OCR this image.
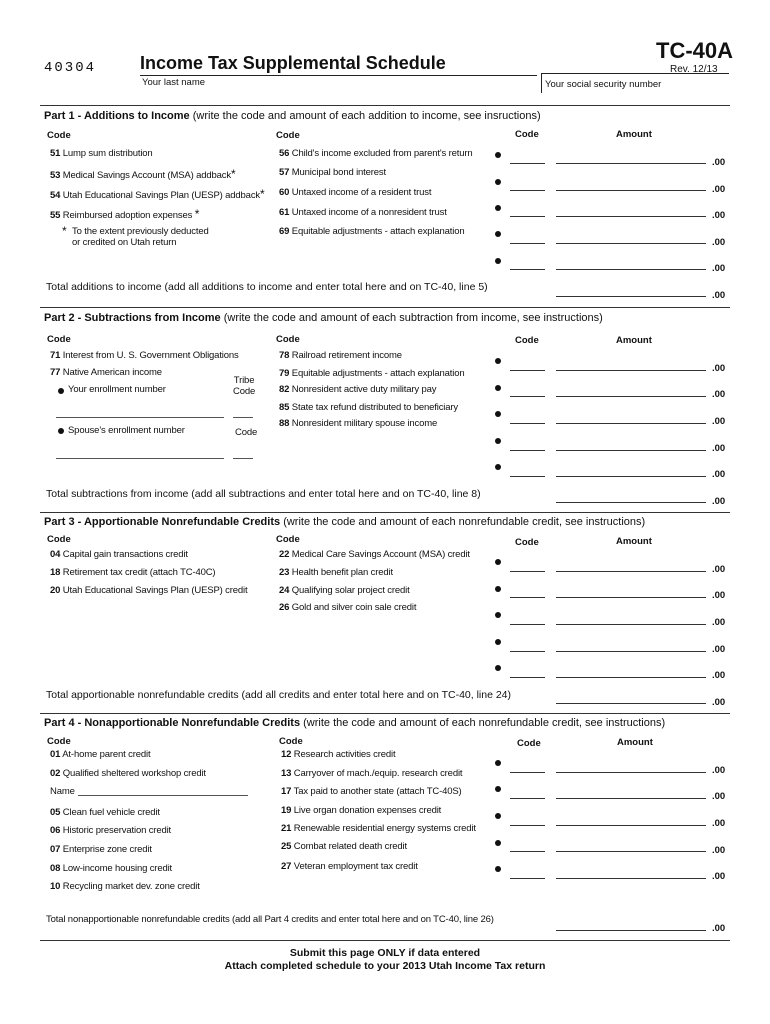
40304 Income Tax Supplemental Schedule	TC-40A
Rev. 12/13
Your last name	Your social security number
Part 1 - Additions to Income (write the code and amount of each addition to income, see insructions)
Code	Code	Code	Amount
51 Lump sum distribution
53 Medical Savings Account (MSA) addback*
54 Utah Educational Savings Plan (UESP) addback*
55 Reimbursed adoption expenses *
* To the extent previously deducted
or credited on Utah return
56 Child's income excluded from parent's return
57 Municipal bond interest
60 Untaxed income of a resident trust
61 Untaxed income of a nonresident trust
69 Equitable adjustments - attach explanation
.00
.00
.00
.00
.00
Total additions to income (add all additions to income and enter total here and on TC-40, line 5)
.00
Part 2 - Subtractions from Income (write the code and amount of each subtraction from income, see instructions)
Code	Code	Code	Amount
71 Interest from U. S. Government Obligations
77 Native American income
Your enrollment number
Tribe
Code
Spouse's enrollment number	Code
78 Railroad retirement income
79 Equitable adjustments - attach explanation
82 Nonresident active duty military pay
85 State tax refund distributed to beneficiary
88 Nonresident military spouse income
.00
.00
.00
.00
.00
Total subtractions from income (add all subtractions and enter total here and on TC-40, line 8)
.00
Part 3 - Apportionable Nonrefundable Credits (write the code and amount of each nonrefundable credit, see instructions)
Code	Code	Code	Amount
04 Capital gain transactions credit
18 Retirement tax credit (attach TC-40C)
20 Utah Educational Savings Plan (UESP) credit
22 Medical Care Savings Account (MSA) credit
23 Health benefit plan credit
24 Qualifying solar project credit
26 Gold and silver coin sale credit
.00
.00
.00
.00
.00
Total apportionable nonrefundable credits (add all credits and enter total here and on TC-40, line 24)
.00
Part 4 - Nonapportionable Nonrefundable Credits (write the code and amount of each nonrefundable credit, see instructions)
Code	Code	Code	Amount
01 At-home parent credit
02 Qualified sheltered workshop credit
Name
05 Clean fuel vehicle credit
06 Historic preservation credit
07 Enterprise zone credit
08 Low-income housing credit
10 Recycling market dev. zone credit
12 Research activities credit
13 Carryover of mach./equip. research credit
17 Tax paid to another state (attach TC-40S)
19 Live organ donation expenses credit
21 Renewable residential energy systems credit
25 Combat related death credit
27 Veteran employment tax credit
.00
.00
.00
.00
.00
Total nonapportionable nonrefundable credits (add all Part 4 credits and enter total here and on TC-40, line 26)
.00
Submit this page ONLY if data entered
Attach completed schedule to your 2013 Utah Income Tax return
